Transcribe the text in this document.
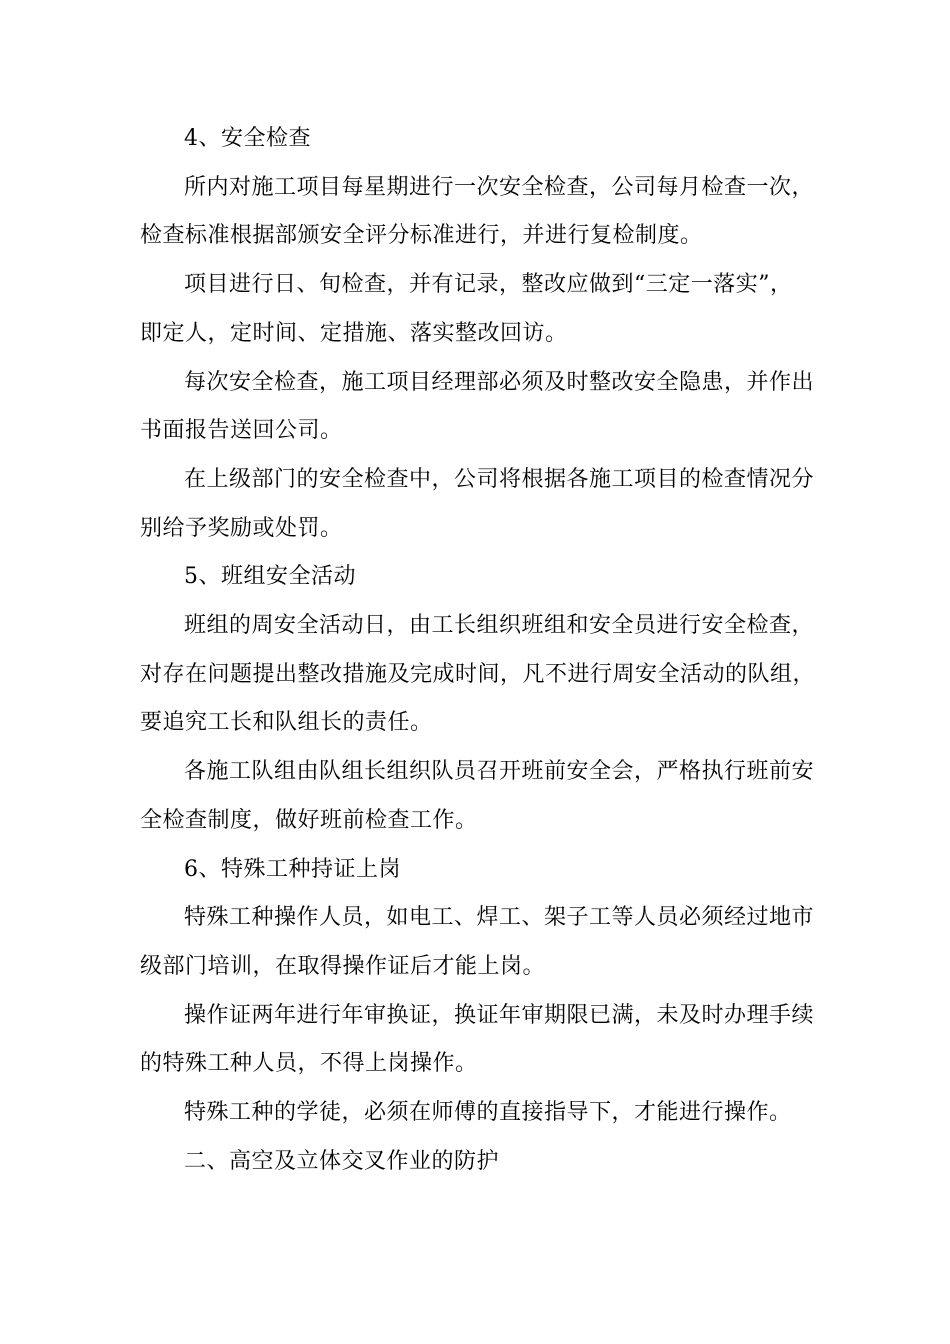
4、安全检查
所内对施工项目每星期进行一次安全检查，公司每月检查一次，
检查标准根据部颁安全评分标准进行，并进行复检制度。
项目进行日、旬检查，并有记录，整改应做到“三定一落实”，
即定人，定时间、定措施、落实整改回访。
每次安全检查，施工项目经理部必须及时整改安全隐患，并作出
书面报告送回公司。
在上级部门的安全检查中，公司将根据各施工项目的检查情况分
别给予奖励或处罚。
5、班组安全活动
班组的周安全活动日，由工长组织班组和安全员进行安全检查，
对存在问题提出整改措施及完成时间，凡不进行周安全活动的队组，
要追究工长和队组长的责任。
各施工队组由队组长组织队员召开班前安全会，严格执行班前安
全检查制度，做好班前检查工作。
6、特殊工种持证上岗
特殊工种操作人员，如电工、焊工、架子工等人员必须经过地市
级部门培训，在取得操作证后才能上岗。
操作证两年进行年审换证，换证年审期限已满，未及时办理手续
的特殊工种人员，不得上岗操作。
特殊工种的学徒，必须在师傅的直接指导下，才能进行操作。
二、高空及立体交叉作业的防护
